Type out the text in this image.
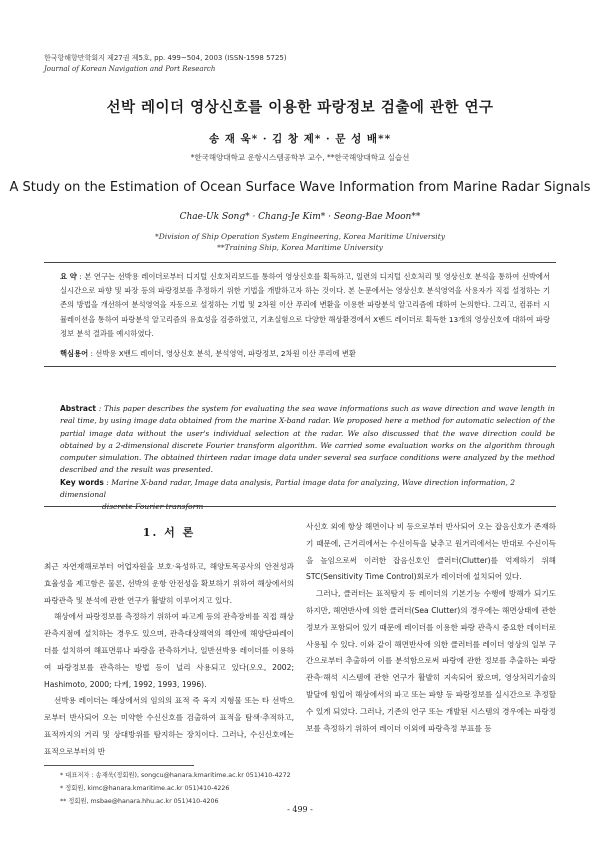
한국항해항만학회지 제27권 제5호, pp. 499~504, 2003 (ISSN-1598 5725)
Journal of Korean Navigation and Port Research
선박 레이더 영상신호를 이용한 파랑정보 검출에 관한 연구
송 재 욱* · 김 창 제* · 문 성 배**
*한국해양대학교 운항시스템공학부 교수, **한국해양대학교 실습선
A Study on the Estimation of Ocean Surface Wave Information from Marine Radar Signals
Chae-Uk Song* · Chang-Je Kim* · Seong-Bae Moon**
*Division of Ship Operation System Engineering, Korea Maritime University
**Training Ship, Korea Maritime University
요 약 : 본 연구는 선박용 레이더로부터 디지털 신호처리보드를 통하여 영상신호를 획득하고, 일련의 디지털 신호처리 및 영상신호 분석을 통하여 선박에서 실시간으로 파향 및 파장 등의 파랑정보를 추정하기 위한 기법을 개발하고자 하는 것이다. 본 논문에서는 영상신호 분석영역을 사용자가 직접 설정하는 기존의 방법을 개선하여 분석영역을 자동으로 설정하는 기법 및 2차원 이산 푸리에 변환을 이용한 파랑분석 알고리즘에 대하여 논의한다. 그리고, 컴퓨터 시뮬레이션을 통하여 파랑분석 알고리즘의 유효성을 검증하였고, 기초실험으로 다양한 해상환경에서 X밴드 레이더로 획득한 13개의 영상신호에 대하여 파랑정보 분석 결과를 예시하였다.
핵심용어 : 선박용 X밴드 레이더, 영상신호 분석, 분석영역, 파랑정보, 2차원 이산 푸리에 변환
Abstract : This paper describes the system for evaluating the sea wave informations such as wave direction and wave length in real time, by using image data obtained from the marine X-band radar. We proposed here a method for automatic selection of the partial image data without the user's individual selection at the radar. We also discussed that the wave direction could be obtained by a 2-dimensional discrete Fourier transform algorithm. We carried some evaluation works on the algorithm through computer simulation. The obtained thirteen radar image data under several sea surface conditions were analyzed by the method described and the result was presented.
Key words : Marine X-band radar, Image data analysis, Partial image data for analyzing, Wave direction information, 2 dimensional
discrete Fourier transform
1. 서 론

최근 자연재해로부터 어업자원을 보호·육성하고, 해양토목공사의 안전성과 효율성을 제고함은 물론, 선박의 운항 안전성을 확보하기 위하여 해상에서의 파랑관측 및 분석에 관한 연구가 활발히 이루어지고 있다.

해상에서 파랑정보를 측정하기 위하여 파고계 등의 관측장비를 직접 해상관측지점에 설치하는 경우도 있으며, 관측대상해역의 해안에 해양단파레이더를 설치하여 해표면류나 파랑을 관측하거나, 일반선박용 레이더를 이용하여 파랑정보를 관측하는 방법 등이 널리 사용되고 있다(오오, 2002; Hashimoto, 2000; 다케, 1992, 1993, 1996).

선박용 레이더는 해상에서의 임의의 표적 즉 육지 지형물 또는 타 선박으로부터 반사되어 오는 미약한 수신신호를 검출하여 표적을 탐색·추적하고, 표적까지의 거리 및 상대방위를 탐지하는 장치이다. 그러나, 수신신호에는 표적으로부터의 반

사신호 외에 항상 해면이나 비 등으로부터 반사되어 오는 잡음신호가 존재하기 때문에, 근거리에서는 수신이득을 낮추고 원거리에서는 반대로 수신이득을 높임으로써 이러한 잡음신호인 클러터(Clutter)를 억제하기 위해 STC(Sensitivity Time Control)회로가 레이더에 설치되어 있다.

그러나, 클러터는 표적탐지 등 레이더의 기본기능 수행에 방해가 되기도 하지만, 해면반사에 의한 클러터(Sea Clutter)의 경우에는 해면상태에 관한 정보가 포함되어 있기 때문에 레이더를 이용한 파랑 관측시 중요한 데이터로 사용될 수 있다. 이와 같이 해면반사에 의한 클러터를 레이더 영상의 일부 구간으로부터 추출하여 이를 분석함으로써 파랑에 관한 정보를 추출하는 파랑관측·해석 시스템에 관한 연구가 활발히 지속되어 왔으며, 영상처리기술의 발달에 힘입어 해상에서의 파고 또는 파향 등 파랑정보를 실시간으로 추정할 수 있게 되었다. 그러나, 기존의 연구 또는 개발된 시스템의 경우에는 파랑정보를 측정하기 위하여 레이더 이외에 파랑측정 부표를 등

* 대표저자 : 송재욱(정회원), songcu@hanara.kmaritime.ac.kr 051)410-4272
* 정회원, kimc@hanara.kmaritime.ac.kr 051)410-4226
** 정회원, msbae@hanara.hhu.ac.kr 051)410-4206
- 499 -
